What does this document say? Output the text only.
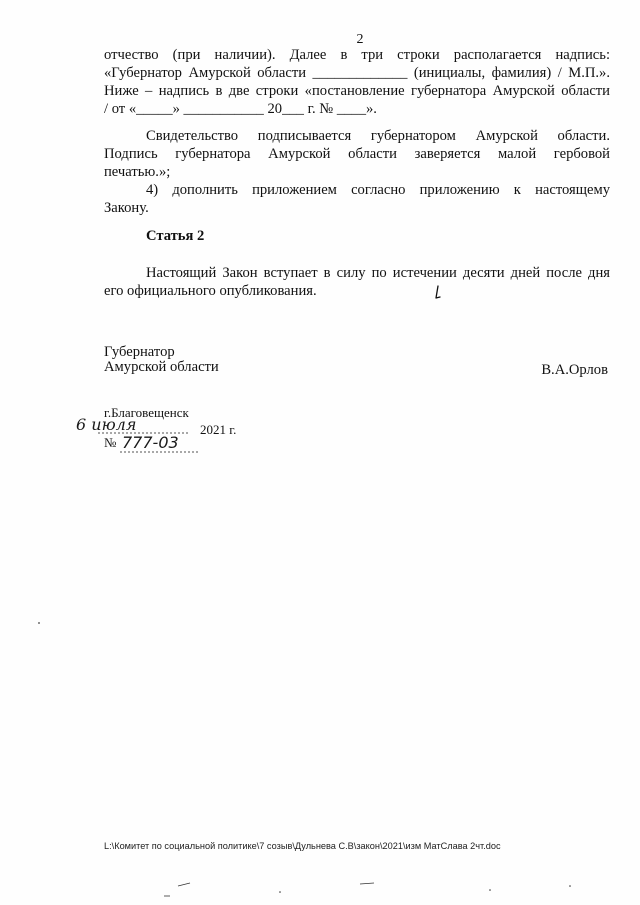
2
отчество (при наличии). Далее в три строки располагается надпись:
«Губернатор Амурской области _____________ (инициалы, фамилия) / М.П.».
Ниже – надпись в две строки «постановление губернатора Амурской области
/ от «_____» ___________ 20___ г. № ____».
Свидетельство подписывается губернатором Амурской области.
Подпись губернатора Амурской области заверяется малой гербовой
печатью.»;
4) дополнить приложением согласно приложению к настоящему
Закону.
Статья 2
Настоящий Закон вступает в силу по истечении десяти дней после дня
его официального опубликования.
Губернатор
Амурской области	В.А.Орлов
г.Благовещенск
6 июля	2021 г.
№ 777-03
L:\Комитет по социальной политике\7 созыв\Дульнева С.В\закон\2021\изм МатСлава 2чт.doc
